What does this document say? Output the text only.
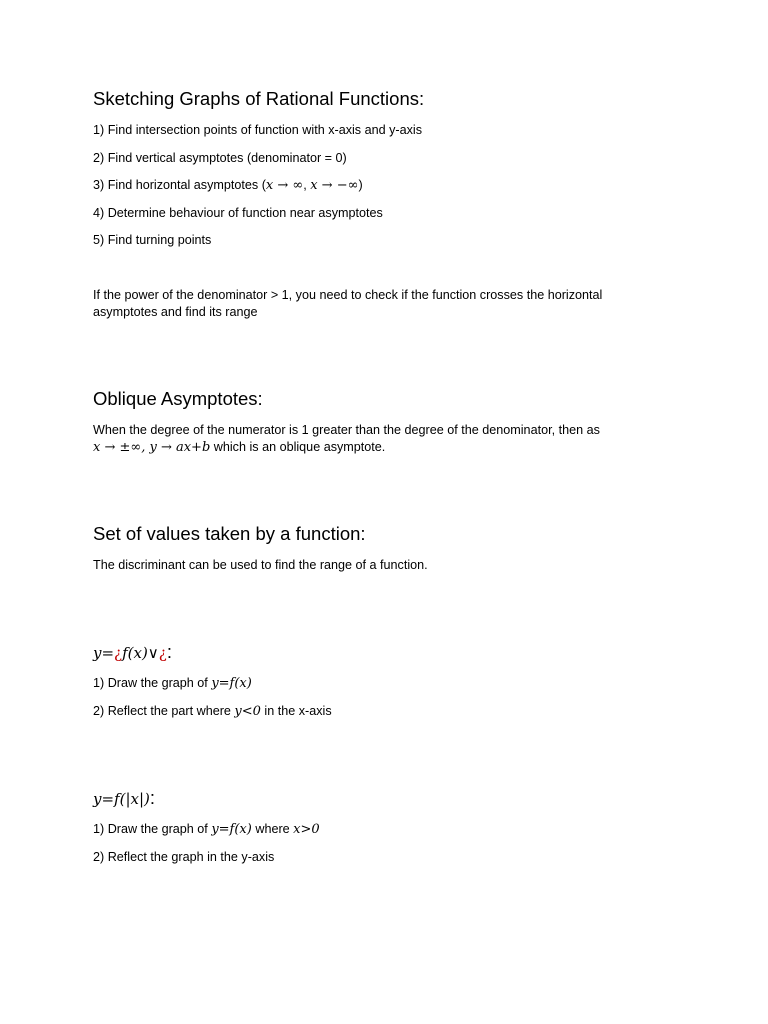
Sketching Graphs of Rational Functions:

1) Find intersection points of function with x-axis and y-axis

2) Find vertical asymptotes (denominator = 0)

3) Find horizontal asymptotes (x → ∞, x → −∞)

4) Determine behaviour of function near asymptotes

5) Find turning points

If the power of the denominator > 1, you need to check if the function crosses the horizontal asymptotes and find its range

Oblique Asymptotes:

When the degree of the numerator is 1 greater than the degree of the denominator, then as

x → ±∞, y → ax+b which is an oblique asymptote.

Set of values taken by a function:

The discriminant can be used to find the range of a function.

y=¿f(x)∨¿:

1) Draw the graph of y=f(x)

2) Reflect the part where y<0 in the x-axis

y=f(|x|):

1) Draw the graph of y=f(x) where x>0

2) Reflect the graph in the y-axis
